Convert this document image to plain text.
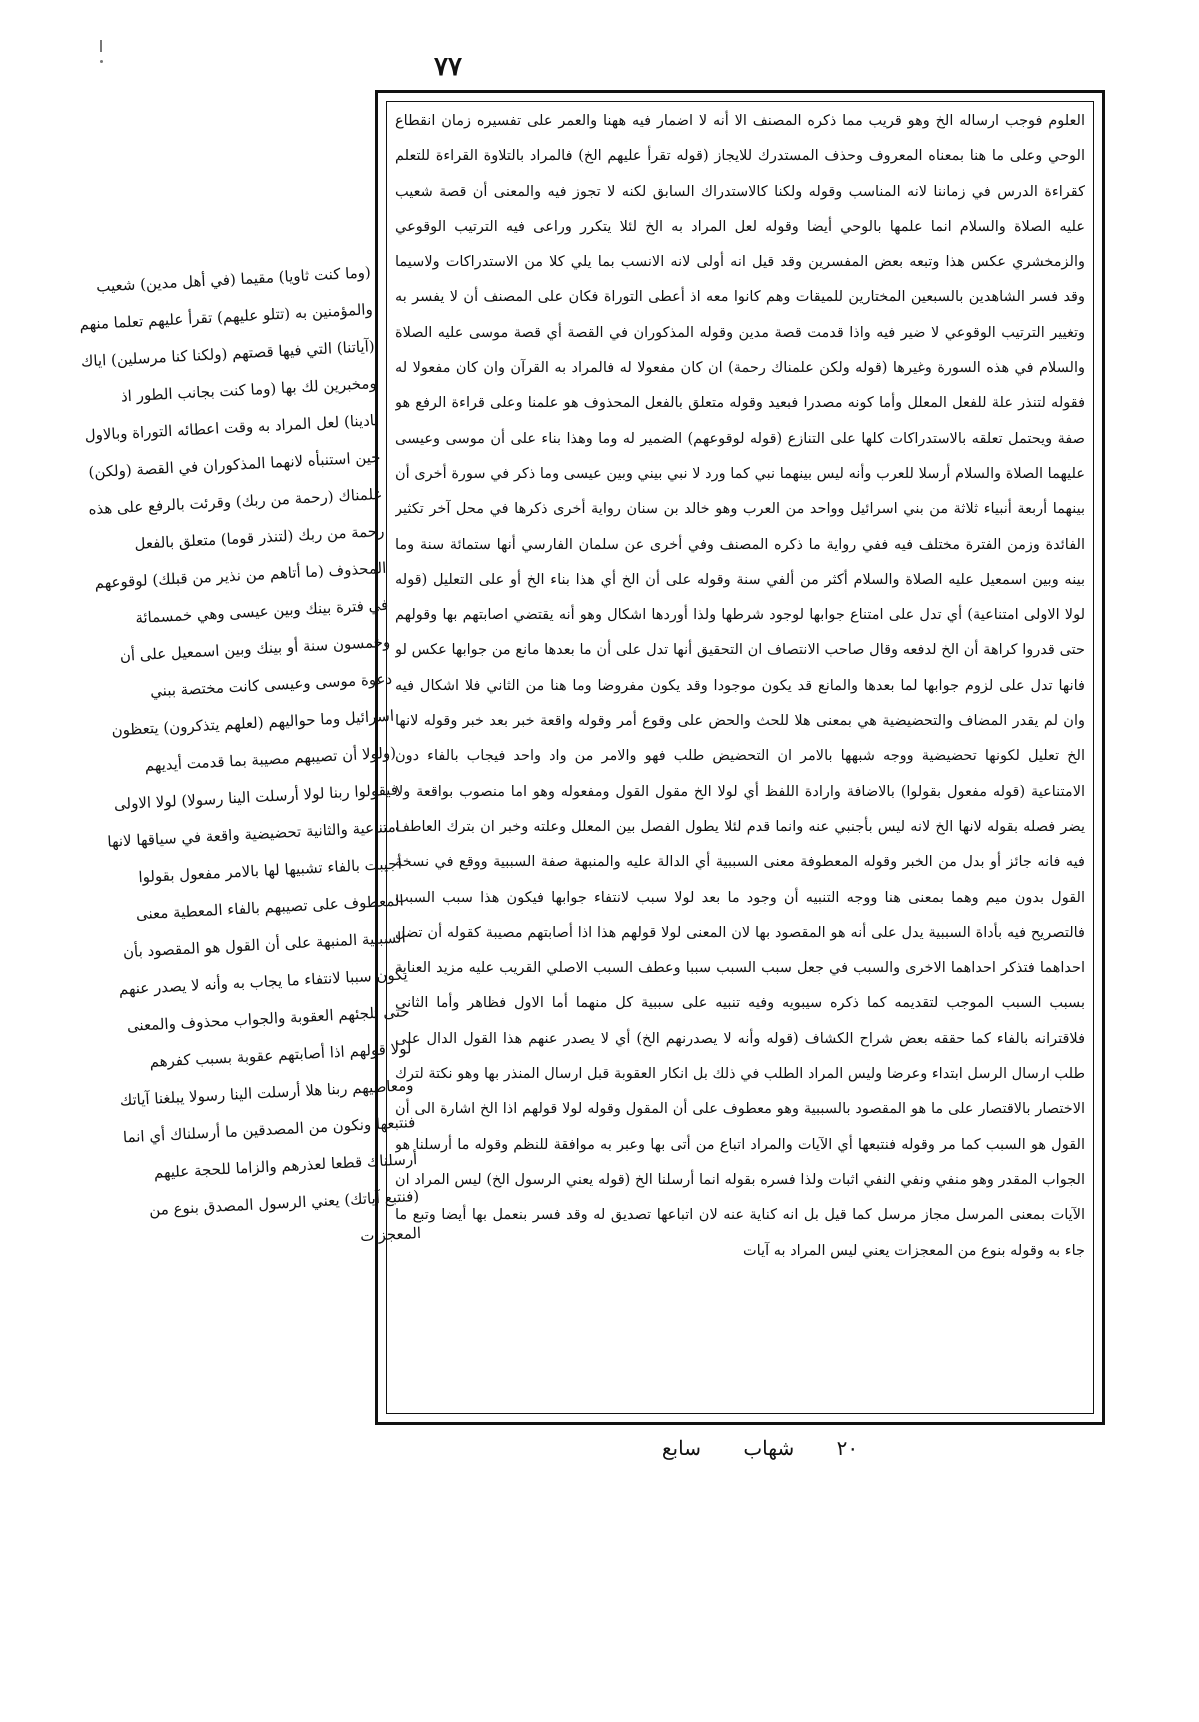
٧٧

العلوم فوجب ارساله الخ وهو قريب مما ذكره المصنف الا أنه لا اضمار فيه ههنا والعمر على تفسيره زمان انقطاع الوحي وعلى ما هنا بمعناه المعروف وحذف المستدرك للايجاز (قوله تقرأ عليهم الخ) فالمراد بالتلاوة القراءة للتعلم كقراءة الدرس في زماننا لانه المناسب وقوله ولكنا كالاستدراك السابق لكنه لا تجوز فيه والمعنى أن قصة شعيب عليه الصلاة والسلام انما علمها بالوحي أيضا وقوله لعل المراد به الخ لئلا يتكرر وراعى فيه الترتيب الوقوعي والزمخشري عكس هذا وتبعه بعض المفسرين وقد قيل انه أولى لانه الانسب بما يلي كلا من الاستدراكات ولاسيما وقد فسر الشاهدين بالسبعين المختارين للميقات وهم كانوا معه اذ أعطى التوراة فكان على المصنف أن لا يفسر به وتغيير الترتيب الوقوعي لا ضير فيه واذا قدمت قصة مدين وقوله المذكوران في القصة أي قصة موسى عليه الصلاة والسلام في هذه السورة وغيرها (قوله ولكن علمناك رحمة) ان كان مفعولا له فالمراد به القرآن وان كان مفعولا له فقوله لتنذر علة للفعل المعلل وأما كونه مصدرا فبعيد وقوله متعلق بالفعل المحذوف هو علمنا وعلى قراءة الرفع هو صفة ويحتمل تعلقه بالاستدراكات كلها على التنازع (قوله لوقوعهم) الضمير له وما وهذا بناء على أن موسى وعيسى عليهما الصلاة والسلام أرسلا للعرب وأنه ليس بينهما نبي كما ورد لا نبي بيني وبين عيسى وما ذكر في سورة أخرى أن بينهما أربعة أنبياء ثلاثة من بني اسرائيل وواحد من العرب وهو خالد بن سنان رواية أخرى ذكرها في محل آخر تكثير الفائدة وزمن الفترة مختلف فيه ففي رواية ما ذكره المصنف وفي أخرى عن سلمان الفارسي أنها ستمائة سنة وما بينه وبين اسمعيل عليه الصلاة والسلام أكثر من ألفي سنة وقوله على أن الخ أي هذا بناء الخ أو على التعليل (قوله لولا الاولى امتناعية) أي تدل على امتناع جوابها لوجود شرطها ولذا أوردها اشكال وهو أنه يقتضي اصابتهم بها وقولهم حتى قدروا كراهة أن الخ لدفعه وقال صاحب الانتصاف ان التحقيق أنها تدل على أن ما بعدها مانع من جوابها عكس لو فانها تدل على لزوم جوابها لما بعدها والمانع قد يكون موجودا وقد يكون مفروضا وما هنا من الثاني فلا اشكال فيه وان لم يقدر المضاف والتحضيضية هي بمعنى هلا للحث والحض على وقوع أمر وقوله واقعة خبر بعد خبر وقوله لانها الخ تعليل لكونها تحضيضية ووجه شبهها بالامر ان التحضيض طلب فهو والامر من واد واحد فيجاب بالفاء دون الامتناعية (قوله مفعول بقولوا) بالاضافة وارادة اللفظ أي لولا الخ مقول القول ومفعوله وهو اما منصوب بواقعة ولا يضر فصله بقوله لانها الخ لانه ليس بأجنبي عنه وانما قدم لئلا يطول الفصل بين المعلل وعلته وخبر ان بترك العاطف فيه فانه جائز أو بدل من الخبر وقوله المعطوفة معنى السببية أي الدالة عليه والمنبهة صفة السببية ووقع في نسخة القول بدون ميم وهما بمعنى هنا ووجه التنبيه أن وجود ما بعد لولا سبب لانتفاء جوابها فيكون هذا سبب السبب فالتصريح فيه بأداة السببية يدل على أنه هو المقصود بها لان المعنى لولا قولهم هذا اذا أصابتهم مصيبة كقوله أن تضل احداهما فتذكر احداهما الاخرى والسبب في جعل سبب السبب سببا وعطف السبب الاصلي القريب عليه مزيد العناية بسبب السبب الموجب لتقديمه كما ذكره سيبويه وفيه تنبيه على سببية كل منهما أما الاول فظاهر وأما الثاني فلاقترانه بالفاء كما حققه بعض شراح الكشاف (قوله وأنه لا يصدرنهم الخ) أي لا يصدر عنهم هذا القول الدال على طلب ارسال الرسل ابتداء وعرضا وليس المراد الطلب في ذلك بل انكار العقوبة قبل ارسال المنذر بها وهو نكتة لترك الاختصار بالاقتصار على ما هو المقصود بالسببية وهو معطوف على أن المقول وقوله لولا قولهم اذا الخ اشارة الى أن القول هو السبب كما مر وقوله فنتبعها أي الآيات والمراد اتباع من أتى بها وعبر به موافقة للنظم وقوله ما أرسلنا هو الجواب المقدر وهو منفي ونفي النفي اثبات ولذا فسره بقوله انما أرسلنا الخ (قوله يعني الرسول الخ) ليس المراد ان الآيات بمعنى المرسل مجاز مرسل كما قيل بل انه كناية عنه لان اتباعها تصديق له وقد فسر بنعمل بها أيضا وتبع ما جاء به وقوله بنوع من المعجزات يعني ليس المراد به آيات

(وما كنت ثاويا) مقيما (في أهل مدين) شعيب والمؤمنين به (تتلو عليهم) تقرأ عليهم تعلما منهم (آياتنا) التي فيها قصتهم (ولكنا كنا مرسلين) اياك ومخبرين لك بها (وما كنت بجانب الطور اذ نادينا) لعل المراد به وقت اعطائه التوراة وبالاول حين استنبأه لانهما المذكوران في القصة (ولكن) علمناك (رحمة من ربك) وقرئت بالرفع على هذه رحمة من ربك (لتنذر قوما) متعلق بالفعل المحذوف (ما أتاهم من نذير من قبلك) لوقوعهم في فترة بينك وبين عيسى وهي خمسمائة وخمسون سنة أو بينك وبين اسمعيل على أن دعوة موسى وعيسى كانت مختصة ببني اسرائيل وما حواليهم (لعلهم يتذكرون) يتعظون (ولولا أن تصيبهم مصيبة بما قدمت أيديهم فيقولوا ربنا لولا أرسلت الينا رسولا) لولا الاولى امتناعية والثانية تحضيضية واقعة في سياقها لانها أجيبت بالفاء تشبيها لها بالامر مفعول بقولوا المعطوف على تصيبهم بالفاء المعطية معنى السببية المنبهة على أن القول هو المقصود بأن يكون سببا لانتفاء ما يجاب به وأنه لا يصدر عنهم حتى تلجئهم العقوبة والجواب محذوف والمعنى لولا قولهم اذا أصابتهم عقوبة بسبب كفرهم ومعاصيهم ربنا هلا أرسلت الينا رسولا يبلغنا آياتك فنتبعها ونكون من المصدقين ما أرسلناك أي انما أرسلناك قطعا لعذرهم والزاما للحجة عليهم (فنتبع آياتك) يعني الرسول المصدق بنوع من المعجزات

٢٠ شهاب سابع
